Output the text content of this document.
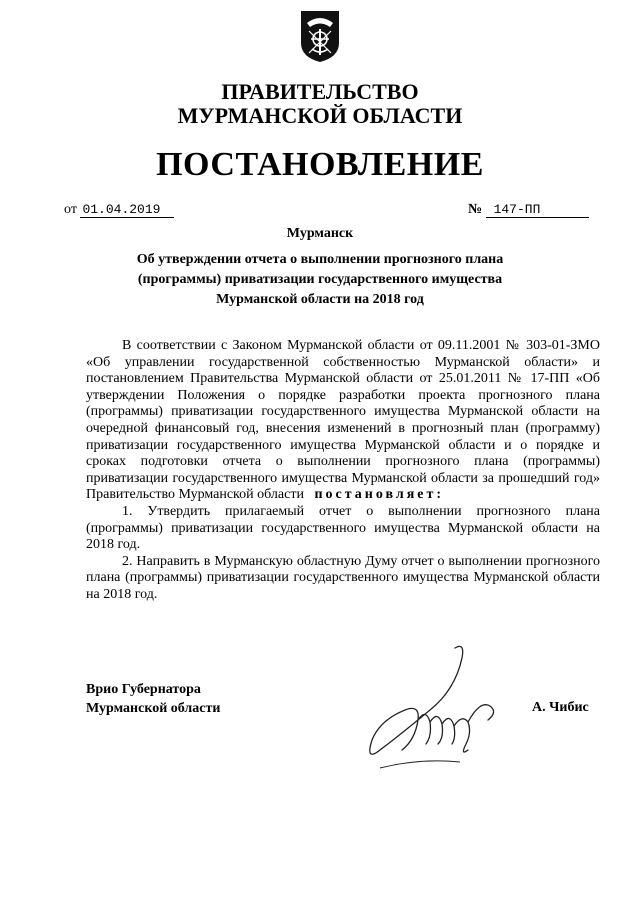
ПРАВИТЕЛЬСТВО
МУРМАНСКОЙ ОБЛАСТИ
ПОСТАНОВЛЕНИЕ
от 01.04.2019	№ 147-ПП
Мурманск
Об утверждении отчета о выполнении прогнозного плана
(программы) приватизации государственного имущества
Мурманской области на 2018 год

В соответствии с Законом Мурманской области от 09.11.2001 № 303-01-ЗМО «Об управлении государственной собственностью Мурманской области» и постановлением Правительства Мурманской области от 25.01.2011 № 17-ПП «Об утверждении Положения о порядке разработки проекта прогнозного плана (программы) приватизации государственного имущества Мурманской области на очередной финансовый год, внесения изменений в прогнозный план (программу) приватизации государственного имущества Мурманской области и о порядке и сроках подготовки отчета о выполнении прогнозного плана (программы) приватизации государственного имущества Мурманской области за прошедший год» Правительство Мурманской области постановляет:

1. Утвердить прилагаемый отчет о выполнении прогнозного плана (программы) приватизации государственного имущества Мурманской области на 2018 год.

2. Направить в Мурманскую областную Думу отчет о выполнении прогнозного плана (программы) приватизации государственного имущества Мурманской области на 2018 год.

Врио Губернатора
Мурманской области	А. Чибис
